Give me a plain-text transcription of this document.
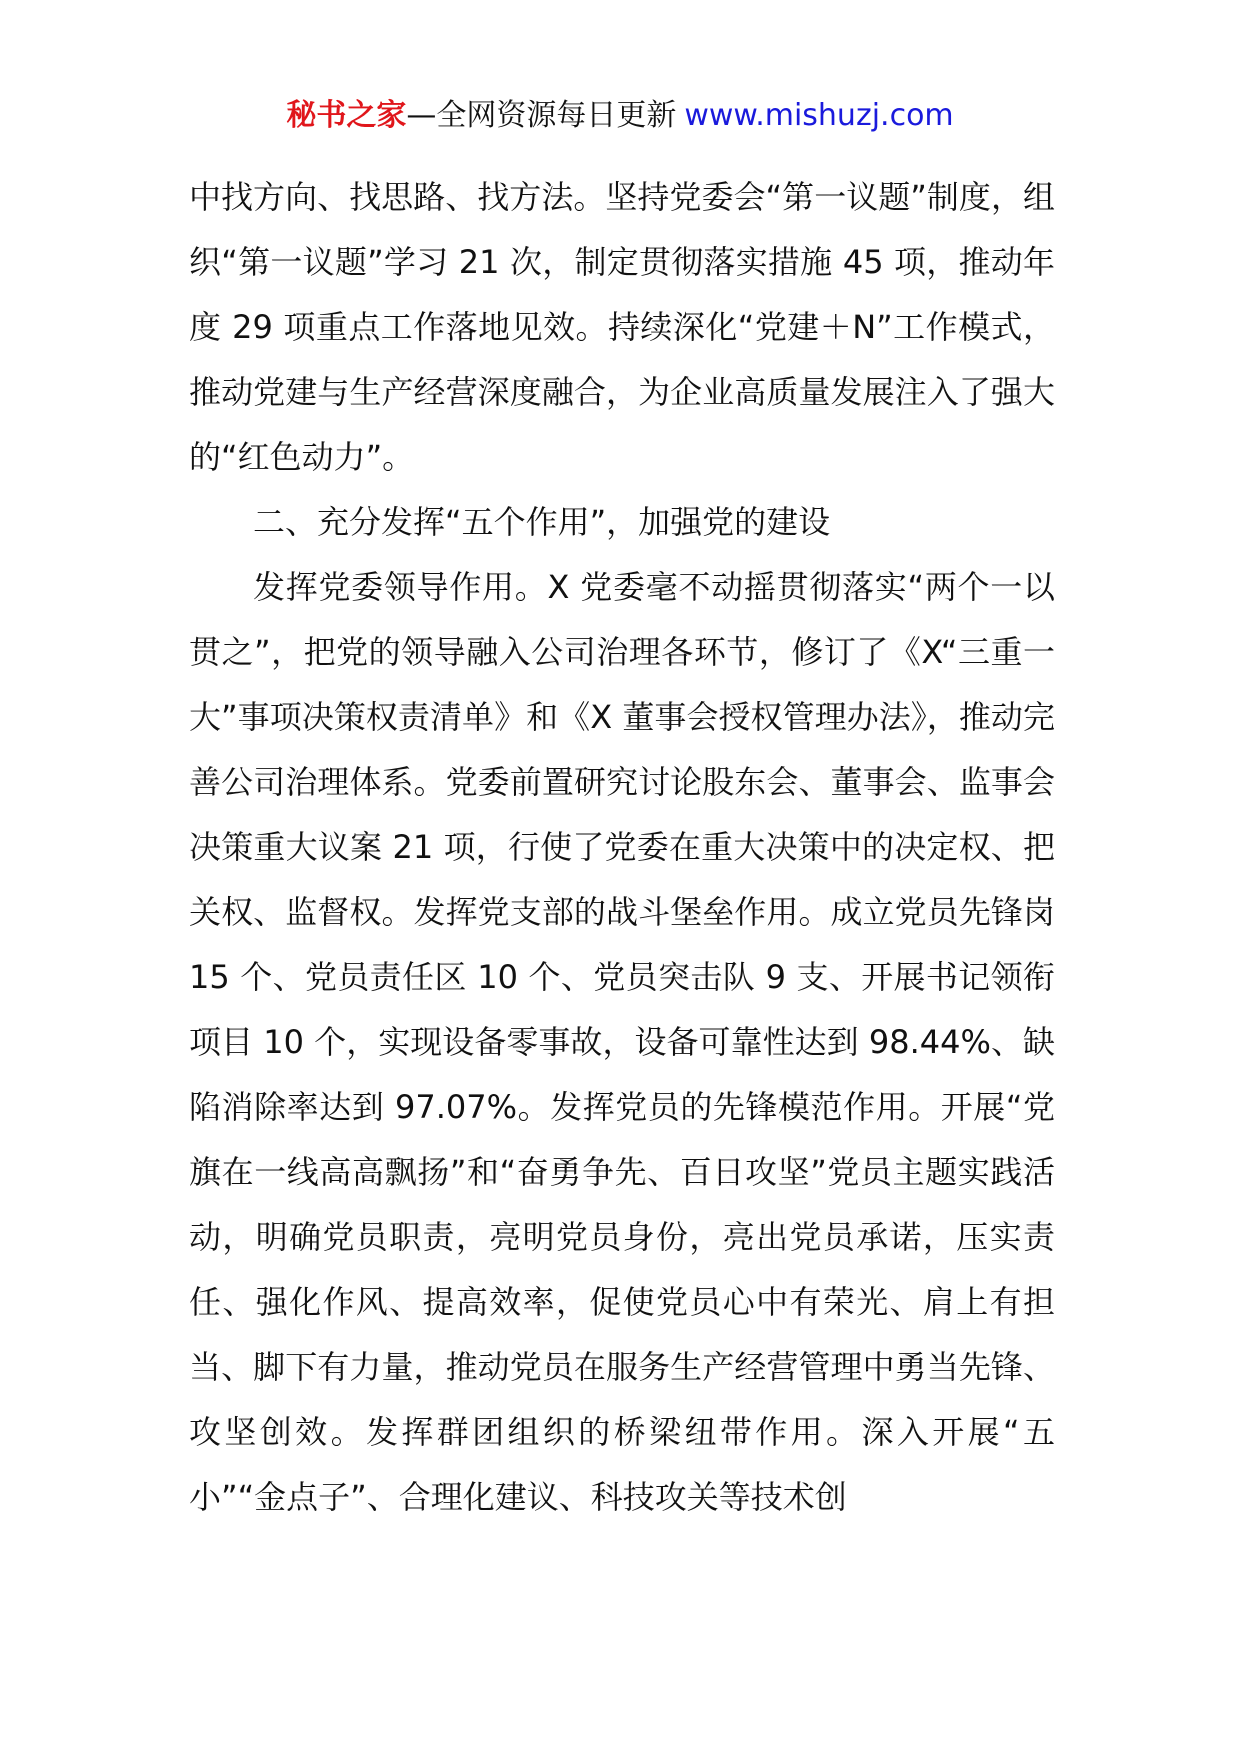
秘书之家—全网资源每日更新 www.mishuzj.com

中找方向、找思路、找方法。坚持党委会“第一议题”制度，组织“第一议题”学习 21 次，制定贯彻落实措施 45 项，推动年度 29 项重点工作落地见效。持续深化“党建＋N”工作模式，推动党建与生产经营深度融合，为企业高质量发展注入了强大的“红色动力”。

二、充分发挥“五个作用”，加强党的建设

发挥党委领导作用。X 党委毫不动摇贯彻落实“两个一以贯之”，把党的领导融入公司治理各环节，修订了《X“三重一大”事项决策权责清单》和《X 董事会授权管理办法》，推动完善公司治理体系。党委前置研究讨论股东会、董事会、监事会决策重大议案 21 项，行使了党委在重大决策中的决定权、把关权、监督权。发挥党支部的战斗堡垒作用。成立党员先锋岗 15 个、党员责任区 10 个、党员突击队 9 支、开展书记领衔项目 10 个，实现设备零事故，设备可靠性达到 98.44%、缺陷消除率达到 97.07%。发挥党员的先锋模范作用。开展“党旗在一线高高飘扬”和“奋勇争先、百日攻坚”党员主题实践活动，明确党员职责，亮明党员身份，亮出党员承诺，压实责任、强化作风、提高效率，促使党员心中有荣光、肩上有担当、脚下有力量，推动党员在服务生产经营管理中勇当先锋、攻坚创效。发挥群团组织的桥梁纽带作用。深入开展“五小”“金点子”、合理化建议、科技攻关等技术创
